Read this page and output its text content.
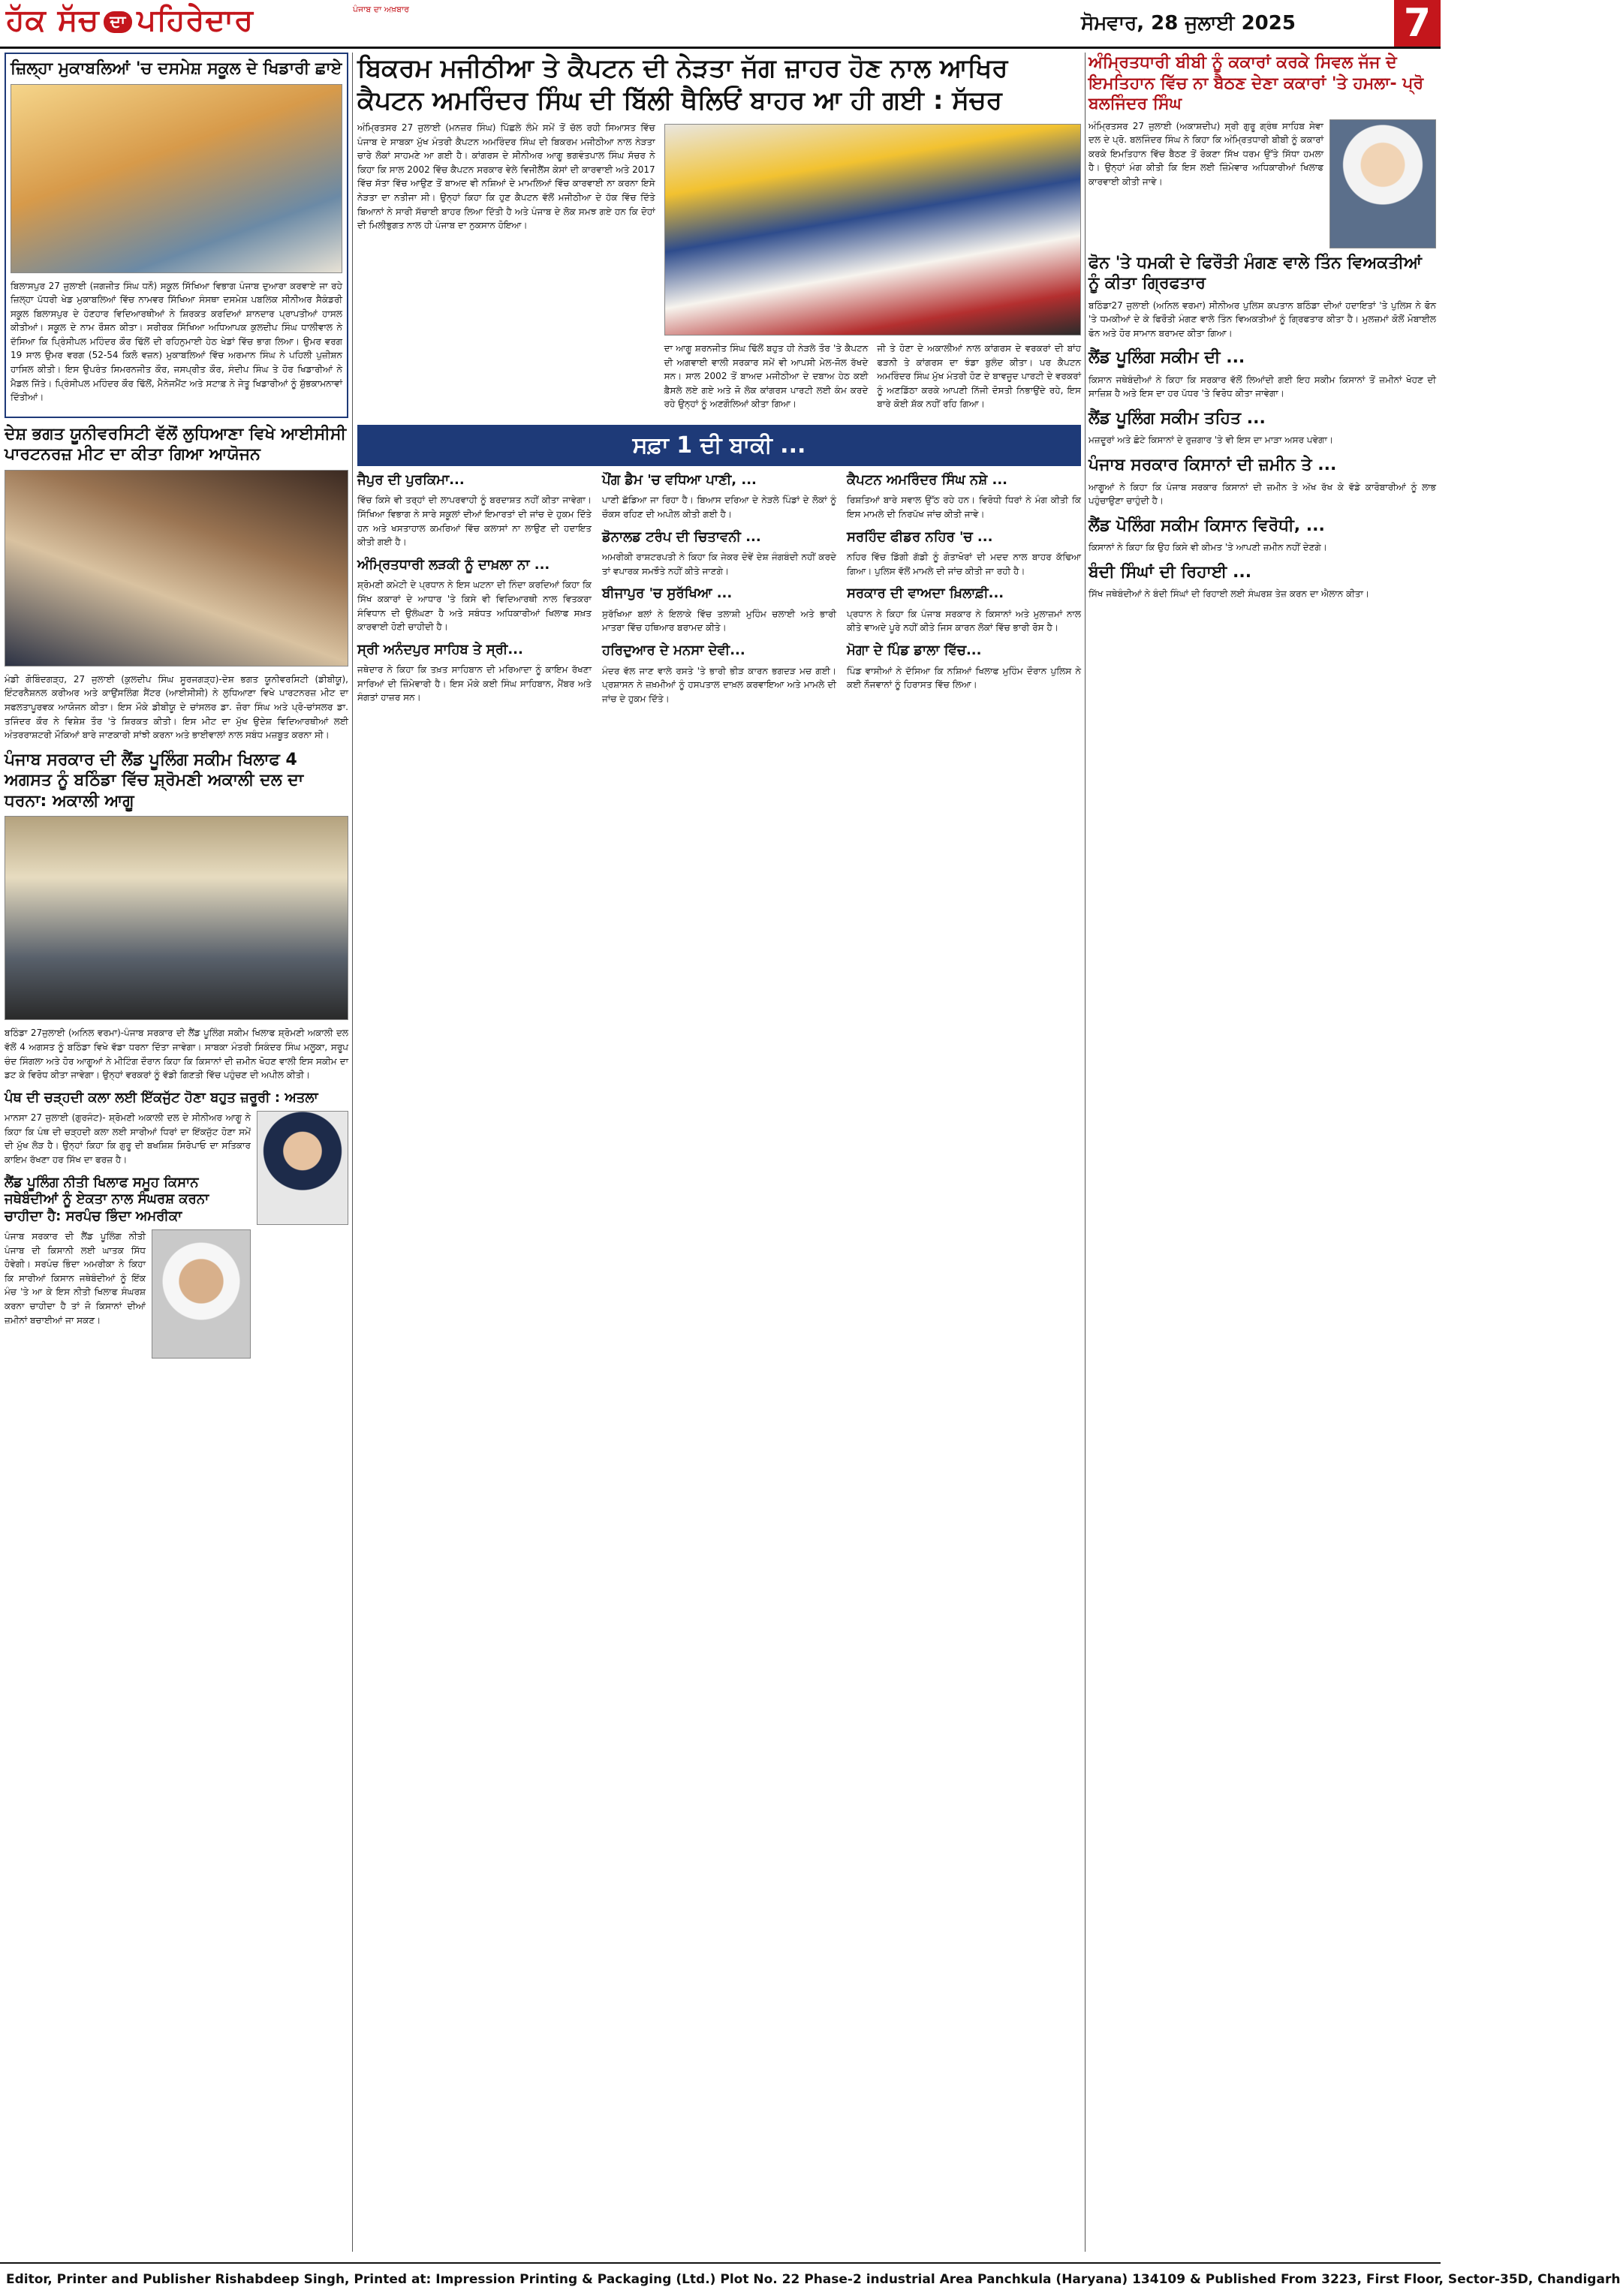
ਹੱਕ ਸੱਚ ਦਾ ਪਹਿਰੇਦਾਰ	ਪੰਜਾਬ ਦਾ ਅਖ਼ਬਾਰ
ਸੋਮਵਾਰ, 28 ਜੁਲਾਈ 2025	7
ਜ਼ਿਲ੍ਹਾ ਮੁਕਾਬਲਿਆਂ 'ਚ ਦਸਮੇਸ਼ ਸਕੂਲ ਦੇ ਖਿਡਾਰੀ ਛਾਏ

ਬਿਲਾਸਪੁਰ 27 ਜੁਲਾਈ (ਜਗਜੀਤ ਸਿੰਘ ਧਨੌ) ਸਕੂਲ ਸਿੱਖਿਆ ਵਿਭਾਗ ਪੰਜਾਬ ਦੁਆਰਾ ਕਰਵਾਏ ਜਾ ਰਹੇ ਜ਼ਿਲ੍ਹਾ ਪੱਧਰੀ ਖੇਡ ਮੁਕਾਬਲਿਆਂ ਵਿੱਚ ਨਾਮਵਰ ਸਿੱਖਿਆ ਸੰਸਥਾ ਦਸਮੇਸ਼ ਪਬਲਿਕ ਸੀਨੀਅਰ ਸੈਕੰਡਰੀ ਸਕੂਲ ਬਿਲਾਸਪੁਰ ਦੇ ਹੋਣਹਾਰ ਵਿਦਿਆਰਥੀਆਂ ਨੇ ਸ਼ਿਰਕਤ ਕਰਦਿਆਂ ਸ਼ਾਨਦਾਰ ਪ੍ਰਾਪਤੀਆਂ ਹਾਸਲ ਕੀਤੀਆਂ। ਸਕੂਲ ਦੇ ਨਾਮ ਰੌਸ਼ਨ ਕੀਤਾ। ਸਰੀਰਕ ਸਿੱਖਿਆ ਅਧਿਆਪਕ ਕੁਲਦੀਪ ਸਿੰਘ ਧਾਲੀਵਾਲ ਨੇ ਦੱਸਿਆ ਕਿ ਪ੍ਰਿੰਸੀਪਲ ਮਹਿੰਦਰ ਕੌਰ ਢਿੱਲੋਂ ਦੀ ਰਹਿਨੁਮਾਈ ਹੇਠ ਖੇਡਾਂ ਵਿੱਚ ਭਾਗ ਲਿਆ। ਉਮਰ ਵਰਗ 19 ਸਾਲ ਉਮਰ ਵਰਗ (52-54 ਕਿਲੋ ਵਜ਼ਨ) ਮੁਕਾਬਲਿਆਂ ਵਿੱਚ ਅਰਮਾਨ ਸਿੰਘ ਨੇ ਪਹਿਲੀ ਪੁਜ਼ੀਸ਼ਨ ਹਾਸਿਲ ਕੀਤੀ। ਇਸ ਉਪਰੰਤ ਸਿਮਰਨਜੀਤ ਕੌਰ, ਜਸਪ੍ਰੀਤ ਕੌਰ, ਸੰਦੀਪ ਸਿੰਘ ਤੇ ਹੋਰ ਖਿਡਾਰੀਆਂ ਨੇ ਮੈਡਲ ਜਿੱਤੇ। ਪ੍ਰਿੰਸੀਪਲ ਮਹਿੰਦਰ ਕੌਰ ਢਿੱਲੋਂ, ਮੈਨੇਜਮੈਂਟ ਅਤੇ ਸਟਾਫ਼ ਨੇ ਜੇਤੂ ਖਿਡਾਰੀਆਂ ਨੂੰ ਸ਼ੁੱਭਕਾਮਨਾਵਾਂ ਦਿੱਤੀਆਂ।

ਦੇਸ਼ ਭਗਤ ਯੂਨੀਵਰਸਿਟੀ ਵੱਲੋਂ ਲੁਧਿਆਣਾ ਵਿਖੇ ਆਈਸੀਸੀ ਪਾਰਟਨਰਜ਼ ਮੀਟ ਦਾ ਕੀਤਾ ਗਿਆ ਆਯੋਜਨ

ਮੰਡੀ ਗੋਬਿੰਦਗੜ੍ਹ, 27 ਜੁਲਾਈ (ਕੁਲਦੀਪ ਸਿੰਘ ਸੂਰਜਗੜ੍ਹ)-ਦੇਸ਼ ਭਗਤ ਯੂਨੀਵਰਸਿਟੀ (ਡੀਬੀਯੂ), ਇੰਟਰਨੈਸ਼ਨਲ ਕਰੀਅਰ ਅਤੇ ਕਾਉਂਸਲਿੰਗ ਸੈਂਟਰ (ਆਈਸੀਸੀ) ਨੇ ਲੁਧਿਆਣਾ ਵਿਖੇ ਪਾਰਟਨਰਜ਼ ਮੀਟ ਦਾ ਸਫਲਤਾਪੂਰਵਕ ਆਯੋਜਨ ਕੀਤਾ। ਇਸ ਮੌਕੇ ਡੀਬੀਯੂ ਦੇ ਚਾਂਸਲਰ ਡਾ. ਜ਼ੋਰਾ ਸਿੰਘ ਅਤੇ ਪ੍ਰੋ-ਚਾਂਸਲਰ ਡਾ. ਤਜਿੰਦਰ ਕੌਰ ਨੇ ਵਿਸ਼ੇਸ਼ ਤੌਰ 'ਤੇ ਸ਼ਿਰਕਤ ਕੀਤੀ। ਇਸ ਮੀਟ ਦਾ ਮੁੱਖ ਉਦੇਸ਼ ਵਿਦਿਆਰਥੀਆਂ ਲਈ ਅੰਤਰਰਾਸ਼ਟਰੀ ਮੌਕਿਆਂ ਬਾਰੇ ਜਾਣਕਾਰੀ ਸਾਂਝੀ ਕਰਨਾ ਅਤੇ ਭਾਈਵਾਲਾਂ ਨਾਲ ਸਬੰਧ ਮਜ਼ਬੂਤ ਕਰਨਾ ਸੀ।

ਪੰਜਾਬ ਸਰਕਾਰ ਦੀ ਲੈਂਡ ਪੂਲਿੰਗ ਸਕੀਮ ਖਿਲਾਫ 4 ਅਗਸਤ ਨੂੰ ਬਠਿੰਡਾ ਵਿੱਚ ਸ਼੍ਰੋਮਣੀ ਅਕਾਲੀ ਦਲ ਦਾ ਧਰਨਾ: ਅਕਾਲੀ ਆਗੂ

ਬਠਿੰਡਾ 27ਜੁਲਾਈ (ਅਨਿਲ ਵਰਮਾ)-ਪੰਜਾਬ ਸਰਕਾਰ ਦੀ ਲੈਂਡ ਪੂਲਿੰਗ ਸਕੀਮ ਖਿਲਾਫ ਸ਼੍ਰੋਮਣੀ ਅਕਾਲੀ ਦਲ ਵੱਲੋਂ 4 ਅਗਸਤ ਨੂੰ ਬਠਿੰਡਾ ਵਿਖੇ ਵੱਡਾ ਧਰਨਾ ਦਿੱਤਾ ਜਾਵੇਗਾ। ਸਾਬਕਾ ਮੰਤਰੀ ਸਿਕੰਦਰ ਸਿੰਘ ਮਲੂਕਾ, ਸਰੂਪ ਚੰਦ ਸਿੰਗਲਾ ਅਤੇ ਹੋਰ ਆਗੂਆਂ ਨੇ ਮੀਟਿੰਗ ਦੌਰਾਨ ਕਿਹਾ ਕਿ ਕਿਸਾਨਾਂ ਦੀ ਜ਼ਮੀਨ ਖੋਹਣ ਵਾਲੀ ਇਸ ਸਕੀਮ ਦਾ ਡਟ ਕੇ ਵਿਰੋਧ ਕੀਤਾ ਜਾਵੇਗਾ। ਉਨ੍ਹਾਂ ਵਰਕਰਾਂ ਨੂੰ ਵੱਡੀ ਗਿਣਤੀ ਵਿੱਚ ਪਹੁੰਚਣ ਦੀ ਅਪੀਲ ਕੀਤੀ।

ਪੰਥ ਦੀ ਚੜ੍ਹਦੀ ਕਲਾ ਲਈ ਇੱਕਜੁੱਟ ਹੋਣਾ ਬਹੁਤ ਜ਼ਰੂਰੀ : ਅਤਲਾ

ਮਾਨਸਾ 27 ਜੁਲਾਈ (ਗੁਰਜੰਟ)- ਸ਼੍ਰੋਮਣੀ ਅਕਾਲੀ ਦਲ ਦੇ ਸੀਨੀਅਰ ਆਗੂ ਨੇ ਕਿਹਾ ਕਿ ਪੰਥ ਦੀ ਚੜ੍ਹਦੀ ਕਲਾ ਲਈ ਸਾਰੀਆਂ ਧਿਰਾਂ ਦਾ ਇੱਕਜੁੱਟ ਹੋਣਾ ਸਮੇਂ ਦੀ ਮੁੱਖ ਲੋੜ ਹੈ। ਉਨ੍ਹਾਂ ਕਿਹਾ ਕਿ ਗੁਰੂ ਦੀ ਬਖਸ਼ਿਸ਼ ਸਿਰੋਪਾਓ ਦਾ ਸਤਿਕਾਰ ਕਾਇਮ ਰੱਖਣਾ ਹਰ ਸਿੱਖ ਦਾ ਫਰਜ਼ ਹੈ।

ਲੈਂਡ ਪੂਲਿੰਗ ਨੀਤੀ ਖਿਲਾਫ ਸਮੂਹ ਕਿਸਾਨ ਜਥੇਬੰਦੀਆਂ ਨੂੰ ਏਕਤਾ ਨਾਲ ਸੰਘਰਸ਼ ਕਰਨਾ ਚਾਹੀਦਾ ਹੈ: ਸਰਪੰਚ ਭਿੰਦਾ ਅਮਰੀਕਾ

ਪੰਜਾਬ ਸਰਕਾਰ ਦੀ ਲੈਂਡ ਪੂਲਿੰਗ ਨੀਤੀ ਪੰਜਾਬ ਦੀ ਕਿਸਾਨੀ ਲਈ ਘਾਤਕ ਸਿੱਧ ਹੋਵੇਗੀ। ਸਰਪੰਚ ਭਿੰਦਾ ਅਮਰੀਕਾ ਨੇ ਕਿਹਾ ਕਿ ਸਾਰੀਆਂ ਕਿਸਾਨ ਜਥੇਬੰਦੀਆਂ ਨੂੰ ਇੱਕ ਮੰਚ 'ਤੇ ਆ ਕੇ ਇਸ ਨੀਤੀ ਖਿਲਾਫ ਸੰਘਰਸ਼ ਕਰਨਾ ਚਾਹੀਦਾ ਹੈ ਤਾਂ ਜੋ ਕਿਸਾਨਾਂ ਦੀਆਂ ਜ਼ਮੀਨਾਂ ਬਚਾਈਆਂ ਜਾ ਸਕਣ।

ਬਿਕਰਮ ਮਜੀਠੀਆ ਤੇ ਕੈਪਟਨ ਦੀ ਨੇੜਤਾ ਜੱਗ ਜ਼ਾਹਰ ਹੋਣ ਨਾਲ ਆਖਿਰ ਕੈਪਟਨ ਅਮਰਿੰਦਰ ਸਿੰਘ ਦੀ ਬਿੱਲੀ ਥੈਲਿਓਂ ਬਾਹਰ ਆ ਹੀ ਗਈ : ਸੱਚਰ

ਅੰਮ੍ਰਿਤਸਰ 27 ਜੁਲਾਈ (ਮਨਜ਼ਰ ਸਿੰਘ) ਪਿੱਛਲੇ ਲੰਮੇ ਸਮੇਂ ਤੋਂ ਚੱਲ ਰਹੀ ਸਿਆਸਤ ਵਿੱਚ ਪੰਜਾਬ ਦੇ ਸਾਬਕਾ ਮੁੱਖ ਮੰਤਰੀ ਕੈਪਟਨ ਅਮਰਿੰਦਰ ਸਿੰਘ ਦੀ ਬਿਕਰਮ ਮਜੀਠੀਆ ਨਾਲ ਨੇੜਤਾ ਚਾਰੇ ਲੋਕਾਂ ਸਾਹਮਣੇ ਆ ਗਈ ਹੈ। ਕਾਂਗਰਸ ਦੇ ਸੀਨੀਅਰ ਆਗੂ ਭਗਵੰਤਪਾਲ ਸਿੰਘ ਸੱਚਰ ਨੇ ਕਿਹਾ ਕਿ ਸਾਲ 2002 ਵਿੱਚ ਕੈਪਟਨ ਸਰਕਾਰ ਵੇਲੇ ਵਿਜੀਲੈਂਸ ਕੇਸਾਂ ਦੀ ਕਾਰਵਾਈ ਅਤੇ 2017 ਵਿੱਚ ਸੱਤਾ ਵਿੱਚ ਆਉਣ ਤੋਂ ਬਾਅਦ ਵੀ ਨਸ਼ਿਆਂ ਦੇ ਮਾਮਲਿਆਂ ਵਿੱਚ ਕਾਰਵਾਈ ਨਾ ਕਰਨਾ ਇਸੇ ਨੇੜਤਾ ਦਾ ਨਤੀਜਾ ਸੀ। ਉਨ੍ਹਾਂ ਕਿਹਾ ਕਿ ਹੁਣ ਕੈਪਟਨ ਵੱਲੋਂ ਮਜੀਠੀਆ ਦੇ ਹੱਕ ਵਿੱਚ ਦਿੱਤੇ ਬਿਆਨਾਂ ਨੇ ਸਾਰੀ ਸੱਚਾਈ ਬਾਹਰ ਲਿਆ ਦਿੱਤੀ ਹੈ ਅਤੇ ਪੰਜਾਬ ਦੇ ਲੋਕ ਸਮਝ ਗਏ ਹਨ ਕਿ ਦੋਹਾਂ ਦੀ ਮਿਲੀਭੁਗਤ ਨਾਲ ਹੀ ਪੰਜਾਬ ਦਾ ਨੁਕਸਾਨ ਹੋਇਆ।

ਦਾ ਆਗੂ ਸ਼ਰਨਜੀਤ ਸਿੰਘ ਢਿੱਲੋਂ ਬਹੁਤ ਹੀ ਨੇੜਲੇ ਤੌਰ 'ਤੇ ਕੈਪਟਨ ਦੀ ਅਗਵਾਈ ਵਾਲੀ ਸਰਕਾਰ ਸਮੇਂ ਵੀ ਆਪਸੀ ਮੇਲ-ਜੋਲ ਰੱਖਦੇ ਸਨ। ਸਾਲ 2002 ਤੋਂ ਬਾਅਦ ਮਜੀਠੀਆ ਦੇ ਦਬਾਅ ਹੇਠ ਕਈ ਫ਼ੈਸਲੇ ਲਏ ਗਏ ਅਤੇ ਜੋ ਲੋਕ ਕਾਂਗਰਸ ਪਾਰਟੀ ਲਈ ਕੰਮ ਕਰਦੇ ਰਹੇ ਉਨ੍ਹਾਂ ਨੂੰ ਅਣਗੌਲਿਆਂ ਕੀਤਾ ਗਿਆ।

ਜੀ ਤੇ ਹੋਣਾ ਦੇ ਅਕਾਲੀਆਂ ਨਾਲ ਕਾਂਗਰਸ ਦੇ ਵਰਕਰਾਂ ਦੀ ਬਾਂਹ ਫੜਨੀ ਤੇ ਕਾਂਗਰਸ ਦਾ ਝੰਡਾ ਬੁਲੰਦ ਕੀਤਾ। ਪਰ ਕੈਪਟਨ ਅਮਰਿੰਦਰ ਸਿੰਘ ਮੁੱਖ ਮੰਤਰੀ ਹੋਣ ਦੇ ਬਾਵਜੂਦ ਪਾਰਟੀ ਦੇ ਵਰਕਰਾਂ ਨੂੰ ਅਣਡਿੱਠਾ ਕਰਕੇ ਆਪਣੀ ਨਿੱਜੀ ਦੋਸਤੀ ਨਿਭਾਉਂਦੇ ਰਹੇ, ਇਸ ਬਾਰੇ ਕੋਈ ਸ਼ੱਕ ਨਹੀਂ ਰਹਿ ਗਿਆ।

ਸਫ਼ਾ 1 ਦੀ ਬਾਕੀ ...
ਜੈਪੁਰ ਦੀ ਪੁਰਕਿਮਾ...

ਵਿੱਚ ਕਿਸੇ ਵੀ ਤਰ੍ਹਾਂ ਦੀ ਲਾਪਰਵਾਹੀ ਨੂੰ ਬਰਦਾਸ਼ਤ ਨਹੀਂ ਕੀਤਾ ਜਾਵੇਗਾ। ਸਿੱਖਿਆ ਵਿਭਾਗ ਨੇ ਸਾਰੇ ਸਕੂਲਾਂ ਦੀਆਂ ਇਮਾਰਤਾਂ ਦੀ ਜਾਂਚ ਦੇ ਹੁਕਮ ਦਿੱਤੇ ਹਨ ਅਤੇ ਖਸਤਾਹਾਲ ਕਮਰਿਆਂ ਵਿੱਚ ਕਲਾਸਾਂ ਨਾ ਲਾਉਣ ਦੀ ਹਦਾਇਤ ਕੀਤੀ ਗਈ ਹੈ।

ਅੰਮ੍ਰਿਤਧਾਰੀ ਲੜਕੀ ਨੂੰ ਦਾਖ਼ਲਾ ਨਾ ...

ਸ਼੍ਰੋਮਣੀ ਕਮੇਟੀ ਦੇ ਪ੍ਰਧਾਨ ਨੇ ਇਸ ਘਟਨਾ ਦੀ ਨਿੰਦਾ ਕਰਦਿਆਂ ਕਿਹਾ ਕਿ ਸਿੱਖ ਕਕਾਰਾਂ ਦੇ ਆਧਾਰ 'ਤੇ ਕਿਸੇ ਵੀ ਵਿਦਿਆਰਥੀ ਨਾਲ ਵਿਤਕਰਾ ਸੰਵਿਧਾਨ ਦੀ ਉਲੰਘਣਾ ਹੈ ਅਤੇ ਸਬੰਧਤ ਅਧਿਕਾਰੀਆਂ ਖਿਲਾਫ ਸਖ਼ਤ ਕਾਰਵਾਈ ਹੋਣੀ ਚਾਹੀਦੀ ਹੈ।

ਸ੍ਰੀ ਅਨੰਦਪੁਰ ਸਾਹਿਬ ਤੇ ਸ੍ਰੀ...

ਜਥੇਦਾਰ ਨੇ ਕਿਹਾ ਕਿ ਤਖ਼ਤ ਸਾਹਿਬਾਨ ਦੀ ਮਰਿਆਦਾ ਨੂੰ ਕਾਇਮ ਰੱਖਣਾ ਸਾਰਿਆਂ ਦੀ ਜ਼ਿੰਮੇਵਾਰੀ ਹੈ। ਇਸ ਮੌਕੇ ਕਈ ਸਿੰਘ ਸਾਹਿਬਾਨ, ਮੈਂਬਰ ਅਤੇ ਸੰਗਤਾਂ ਹਾਜ਼ਰ ਸਨ।

ਪੌਂਗ ਡੈਮ 'ਚ ਵਧਿਆ ਪਾਣੀ, ...

ਪਾਣੀ ਛੱਡਿਆ ਜਾ ਰਿਹਾ ਹੈ। ਬਿਆਸ ਦਰਿਆ ਦੇ ਨੇੜਲੇ ਪਿੰਡਾਂ ਦੇ ਲੋਕਾਂ ਨੂੰ ਚੌਕਸ ਰਹਿਣ ਦੀ ਅਪੀਲ ਕੀਤੀ ਗਈ ਹੈ।

ਡੋਨਾਲਡ ਟਰੰਪ ਦੀ ਚਿਤਾਵਨੀ ...

ਅਮਰੀਕੀ ਰਾਸ਼ਟਰਪਤੀ ਨੇ ਕਿਹਾ ਕਿ ਜੇਕਰ ਦੋਵੇਂ ਦੇਸ਼ ਜੰਗਬੰਦੀ ਨਹੀਂ ਕਰਦੇ ਤਾਂ ਵਪਾਰਕ ਸਮਝੌਤੇ ਨਹੀਂ ਕੀਤੇ ਜਾਣਗੇ।

ਬੀਜਾਪੁਰ 'ਚ ਸੁਰੱਖਿਆ ...

ਸੁਰੱਖਿਆ ਬਲਾਂ ਨੇ ਇਲਾਕੇ ਵਿੱਚ ਤਲਾਸ਼ੀ ਮੁਹਿੰਮ ਚਲਾਈ ਅਤੇ ਭਾਰੀ ਮਾਤਰਾ ਵਿੱਚ ਹਥਿਆਰ ਬਰਾਮਦ ਕੀਤੇ।

ਹਰਿਦੁਆਰ ਦੇ ਮਨਸਾ ਦੇਵੀ...

ਮੰਦਰ ਵੱਲ ਜਾਣ ਵਾਲੇ ਰਸਤੇ 'ਤੇ ਭਾਰੀ ਭੀੜ ਕਾਰਨ ਭਗਦੜ ਮਚ ਗਈ। ਪ੍ਰਸ਼ਾਸਨ ਨੇ ਜ਼ਖ਼ਮੀਆਂ ਨੂੰ ਹਸਪਤਾਲ ਦਾਖ਼ਲ ਕਰਵਾਇਆ ਅਤੇ ਮਾਮਲੇ ਦੀ ਜਾਂਚ ਦੇ ਹੁਕਮ ਦਿੱਤੇ।

ਕੈਪਟਨ ਅਮਰਿੰਦਰ ਸਿੰਘ ਨਸ਼ੇ ...

ਰਿਸ਼ਤਿਆਂ ਬਾਰੇ ਸਵਾਲ ਉੱਠ ਰਹੇ ਹਨ। ਵਿਰੋਧੀ ਧਿਰਾਂ ਨੇ ਮੰਗ ਕੀਤੀ ਕਿ ਇਸ ਮਾਮਲੇ ਦੀ ਨਿਰਪੱਖ ਜਾਂਚ ਕੀਤੀ ਜਾਵੇ।

ਸਰਹਿੰਦ ਫੀਡਰ ਨਹਿਰ 'ਚ ...

ਨਹਿਰ ਵਿੱਚ ਡਿੱਗੀ ਗੱਡੀ ਨੂੰ ਗੋਤਾਖੋਰਾਂ ਦੀ ਮਦਦ ਨਾਲ ਬਾਹਰ ਕੱਢਿਆ ਗਿਆ। ਪੁਲਿਸ ਵੱਲੋਂ ਮਾਮਲੇ ਦੀ ਜਾਂਚ ਕੀਤੀ ਜਾ ਰਹੀ ਹੈ।

ਸਰਕਾਰ ਦੀ ਵਾਅਦਾ ਖ਼ਿਲਾਫ਼ੀ...

ਪ੍ਰਧਾਨ ਨੇ ਕਿਹਾ ਕਿ ਪੰਜਾਬ ਸਰਕਾਰ ਨੇ ਕਿਸਾਨਾਂ ਅਤੇ ਮੁਲਾਜ਼ਮਾਂ ਨਾਲ ਕੀਤੇ ਵਾਅਦੇ ਪੂਰੇ ਨਹੀਂ ਕੀਤੇ ਜਿਸ ਕਾਰਨ ਲੋਕਾਂ ਵਿੱਚ ਭਾਰੀ ਰੋਸ ਹੈ।

ਮੋਗਾ ਦੇ ਪਿੰਡ ਡਾਲਾ ਵਿੱਚ...

ਪਿੰਡ ਵਾਸੀਆਂ ਨੇ ਦੱਸਿਆ ਕਿ ਨਸ਼ਿਆਂ ਖਿਲਾਫ ਮੁਹਿੰਮ ਦੌਰਾਨ ਪੁਲਿਸ ਨੇ ਕਈ ਨੌਜਵਾਨਾਂ ਨੂੰ ਹਿਰਾਸਤ ਵਿੱਚ ਲਿਆ।

ਅੰਮ੍ਰਿਤਧਾਰੀ ਬੀਬੀ ਨੂੰ ਕਕਾਰਾਂ ਕਰਕੇ ਸਿਵਲ ਜੱਜ ਦੇ ਇਮਤਿਹਾਨ ਵਿੱਚ ਨਾ ਬੈਠਣ ਦੇਣਾ ਕਕਾਰਾਂ 'ਤੇ ਹਮਲਾ- ਪ੍ਰੋ ਬਲਜਿੰਦਰ ਸਿੰਘ

ਅੰਮ੍ਰਿਤਸਰ 27 ਜੁਲਾਈ (ਅਕਾਸ਼ਦੀਪ) ਸ੍ਰੀ ਗੁਰੂ ਗ੍ਰੰਥ ਸਾਹਿਬ ਸੇਵਾ ਦਲ ਦੇ ਪ੍ਰੋ. ਬਲਜਿੰਦਰ ਸਿੰਘ ਨੇ ਕਿਹਾ ਕਿ ਅੰਮ੍ਰਿਤਧਾਰੀ ਬੀਬੀ ਨੂੰ ਕਕਾਰਾਂ ਕਰਕੇ ਇਮਤਿਹਾਨ ਵਿੱਚ ਬੈਠਣ ਤੋਂ ਰੋਕਣਾ ਸਿੱਖ ਧਰਮ ਉੱਤੇ ਸਿੱਧਾ ਹਮਲਾ ਹੈ। ਉਨ੍ਹਾਂ ਮੰਗ ਕੀਤੀ ਕਿ ਇਸ ਲਈ ਜ਼ਿੰਮੇਵਾਰ ਅਧਿਕਾਰੀਆਂ ਖਿਲਾਫ ਕਾਰਵਾਈ ਕੀਤੀ ਜਾਵੇ।

ਫੋਨ 'ਤੇ ਧਮਕੀ ਦੇ ਫਿਰੌਤੀ ਮੰਗਣ ਵਾਲੇ ਤਿੰਨ ਵਿਅਕਤੀਆਂ ਨੂੰ ਕੀਤਾ ਗ੍ਰਿਫਤਾਰ

ਬਠਿੰਡਾ27 ਜੁਲਾਈ (ਅਨਿਲ ਵਰਮਾ) ਸੀਨੀਅਰ ਪੁਲਿਸ ਕਪਤਾਨ ਬਠਿੰਡਾ ਦੀਆਂ ਹਦਾਇਤਾਂ 'ਤੇ ਪੁਲਿਸ ਨੇ ਫੋਨ 'ਤੇ ਧਮਕੀਆਂ ਦੇ ਕੇ ਫਿਰੌਤੀ ਮੰਗਣ ਵਾਲੇ ਤਿੰਨ ਵਿਅਕਤੀਆਂ ਨੂੰ ਗ੍ਰਿਫਤਾਰ ਕੀਤਾ ਹੈ। ਮੁਲਜ਼ਮਾਂ ਕੋਲੋਂ ਮੋਬਾਈਲ ਫੋਨ ਅਤੇ ਹੋਰ ਸਾਮਾਨ ਬਰਾਮਦ ਕੀਤਾ ਗਿਆ।

ਲੈਂਡ ਪੂਲਿੰਗ ਸਕੀਮ ਦੀ ...

ਕਿਸਾਨ ਜਥੇਬੰਦੀਆਂ ਨੇ ਕਿਹਾ ਕਿ ਸਰਕਾਰ ਵੱਲੋਂ ਲਿਆਂਦੀ ਗਈ ਇਹ ਸਕੀਮ ਕਿਸਾਨਾਂ ਤੋਂ ਜ਼ਮੀਨਾਂ ਖੋਹਣ ਦੀ ਸਾਜ਼ਿਸ਼ ਹੈ ਅਤੇ ਇਸ ਦਾ ਹਰ ਪੱਧਰ 'ਤੇ ਵਿਰੋਧ ਕੀਤਾ ਜਾਵੇਗਾ।

ਲੈਂਡ ਪੂਲਿੰਗ ਸਕੀਮ ਤਹਿਤ ...

ਮਜ਼ਦੂਰਾਂ ਅਤੇ ਛੋਟੇ ਕਿਸਾਨਾਂ ਦੇ ਰੁਜ਼ਗਾਰ 'ਤੇ ਵੀ ਇਸ ਦਾ ਮਾੜਾ ਅਸਰ ਪਵੇਗਾ।

ਪੰਜਾਬ ਸਰਕਾਰ ਕਿਸਾਨਾਂ ਦੀ ਜ਼ਮੀਨ ਤੇ ...

ਆਗੂਆਂ ਨੇ ਕਿਹਾ ਕਿ ਪੰਜਾਬ ਸਰਕਾਰ ਕਿਸਾਨਾਂ ਦੀ ਜ਼ਮੀਨ ਤੇ ਅੱਖ ਰੱਖ ਕੇ ਵੱਡੇ ਕਾਰੋਬਾਰੀਆਂ ਨੂੰ ਲਾਭ ਪਹੁੰਚਾਉਣਾ ਚਾਹੁੰਦੀ ਹੈ।

ਲੈਂਡ ਪੋਲਿੰਗ ਸਕੀਮ ਕਿਸਾਨ ਵਿਰੋਧੀ, ...

ਕਿਸਾਨਾਂ ਨੇ ਕਿਹਾ ਕਿ ਉਹ ਕਿਸੇ ਵੀ ਕੀਮਤ 'ਤੇ ਆਪਣੀ ਜ਼ਮੀਨ ਨਹੀਂ ਦੇਣਗੇ।

ਬੰਦੀ ਸਿੰਘਾਂ ਦੀ ਰਿਹਾਈ ...

ਸਿੱਖ ਜਥੇਬੰਦੀਆਂ ਨੇ ਬੰਦੀ ਸਿੰਘਾਂ ਦੀ ਰਿਹਾਈ ਲਈ ਸੰਘਰਸ਼ ਤੇਜ਼ ਕਰਨ ਦਾ ਐਲਾਨ ਕੀਤਾ।

Editor, Printer and Publisher Rishabdeep Singh, Printed at: Impression Printing & Packaging (Ltd.) Plot No. 22 Phase-2 industrial Area Panchkula (Haryana) 134109 & Published From 3223, First Floor, Sector-35D, Chandigarh
